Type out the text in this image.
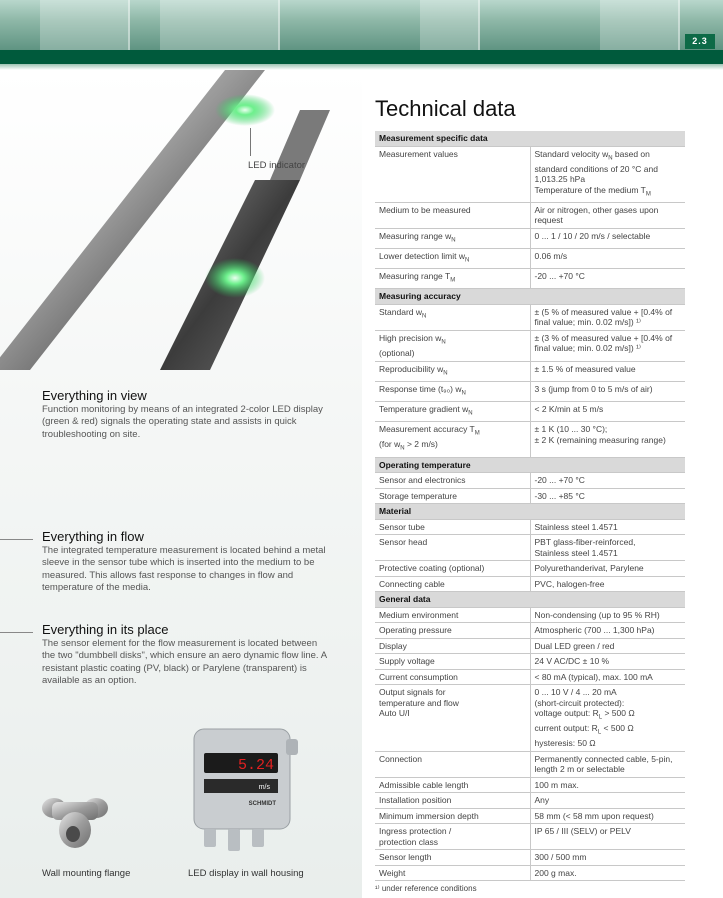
2.3
LED indicator
Everything in view

Function monitoring by means of an integrated 2-color LED display (green & red) signals the operating state and assists in quick troubleshooting on site.

Everything in flow

The integrated temperature measurement is located behind a metal sleeve in the sensor tube which is inserted into the medium to be measured. This allows fast response to changes in flow and temperature of the media.

Everything in its place

The sensor element for the flow measurement is located between the two "dumbbell disks", which ensure an aero dynamic flow line. A resistant plastic coating (PV, black) or Parylene (transparent) is available as an option.

Wall mounting flange
5.24
m/s
SCHMIDT
LED display in wall housing
Technical data
Measurement specific data	
Measurement values	Standard velocity $w_N$ based on standard conditions of 20 °C and 1,013.25 hPa
Temperature of the medium $T_M$
Medium to be measured	Air or nitrogen, other gases upon request
Measuring range $w_N$	0 ... 1 / 10 / 20 m/s / selectable
Lower detection limit $w_N$	0.06 m/s
Measuring range $T_M$	-20 ... +70 °C
Measuring accuracy	
Standard $w_N$	± (5 % of measured value + [0.4% of final value; min. 0.02 m/s]) ¹⁾
High precision $w_N$
(optional)	± (3 % of measured value + [0.4% of final value; min. 0.02 m/s]) ¹⁾
Reproducibility $w_N$	± 1.5 % of measured value
Response time (t₉₀) $w_N$	3 s (jump from 0 to 5 m/s of air)
Temperature gradient $w_N$	< 2 K/min at 5 m/s
Measurement accuracy $T_M$
(for $w_N > 2$ m/s)	± 1 K (10 ... 30 °C);
± 2 K (remaining measuring range)
Operating temperature	
Sensor and electronics	-20 ... +70 °C
Storage temperature	-30 ... +85 °C
Material	
Sensor tube	Stainless steel 1.4571
Sensor head	PBT glass-fiber-reinforced,
Stainless steel 1.4571
Protective coating (optional)	Polyurethanderivat, Parylene
Connecting cable	PVC, halogen-free
General data	
Medium environment	Non-condensing (up to 95 % RH)

Operating pressure	Atmospheric (700 ... 1,300 hPa)
Display	Dual LED green / red
Supply voltage	24 V AC/DC ± 10 %
Current consumption	< 80 mA (typical), max. 100 mA
Output signals for
temperature and flow
Auto U/I	0 ... 10 V / 4 ... 20 mA
(short-circuit protected):
voltage output: $R_L > 500$ Ω
current output: $R_L < 500$ Ω
hysteresis: 50 Ω
Connection	Permanently connected cable, 5-pin,
length 2 m or selectable
Admissible cable length	100 m max.
Installation position	Any
Minimum immersion depth	58 mm (< 58 mm upon request)
Ingress protection /
protection class	IP 65 / III (SELV) or PELV
Sensor length	300 / 500 mm
Weight	200 g max.
¹⁾ under reference conditions
